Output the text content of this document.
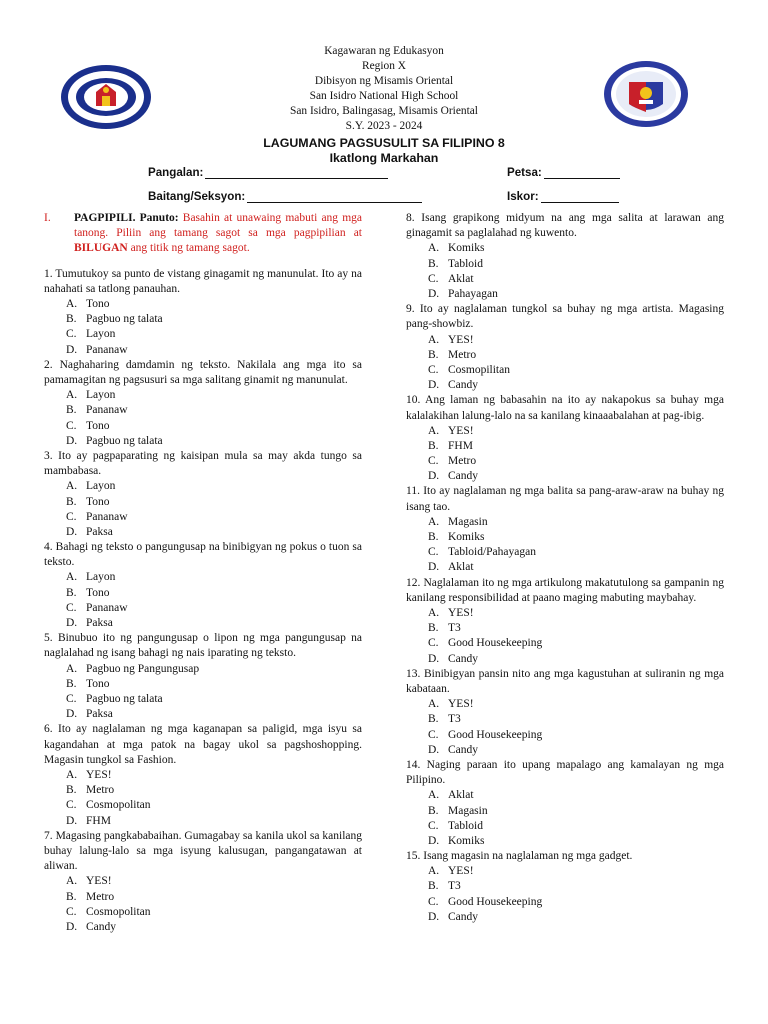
Kagawaran ng Edukasyon
Region X
Dibisyon ng Misamis Oriental
San Isidro National High School
San Isidro, Balingasag, Misamis Oriental
S.Y. 2023 - 2024
LAGUMANG PAGSUSULIT SA FILIPINO 8
Ikatlong Markahan
Pangalan:	Petsa:
Baitang/Seksyon:	Iskor:
I.	PAGPIPILI. Panuto: Basahin at unawaing mabuti ang mga tanong. Piliin ang tamang sagot sa mga pagpipilian at BILUGAN ang titik ng tamang sagot.
1. Tumutukoy sa punto de vistang ginagamit ng manunulat. Ito ay na nahahati sa tatlong panauhan.
A. Tono
B. Pagbuo ng talata
C. Layon
D. Pananaw
2. Naghaharing damdamin ng teksto. Nakilala ang mga ito sa pamamagitan ng pagsusuri sa mga salitang ginamit ng manunulat.
A. Layon
B. Pananaw
C. Tono
D. Pagbuo ng talata
3. Ito ay pagpaparating ng kaisipan mula sa may akda tungo sa mambabasa.
A. Layon
B. Tono
C. Pananaw
D. Paksa
4. Bahagi ng teksto o pangungusap na binibigyan ng pokus o tuon sa teksto.
A. Layon
B. Tono
C. Pananaw
D. Paksa
5. Binubuo ito ng pangungusap o lipon ng mga pangungusap na naglalahad ng isang bahagi ng nais iparating ng teksto.
A. Pagbuo ng Pangungusap
B. Tono
C. Pagbuo ng talata
D. Paksa
6. Ito ay naglalaman ng mga kaganapan sa paligid, mga isyu sa kagandahan at mga patok na bagay ukol sa pagshoshopping. Magasin tungkol sa Fashion.
A. YES!
B. Metro
C. Cosmopolitan
D. FHM
7. Magasing pangkababaihan. Gumagabay sa kanila ukol sa kanilang buhay lalung-lalo sa mga isyung kalusugan, pangangatawan at aliwan.
A. YES!
B. Metro
C. Cosmopolitan
D. Candy
8. Isang grapikong midyum na ang mga salita at larawan ang ginagamit sa paglalahad ng kuwento.
A. Komiks
B. Tabloid
C. Aklat
D. Pahayagan
9. Ito ay naglalaman tungkol sa buhay ng mga artista. Magasing pang-showbiz.
A. YES!
B. Metro
C. Cosmopilitan
D. Candy
10. Ang laman ng babasahin na ito ay nakapokus sa buhay mga kalalakihan lalung-lalo na sa kanilang kinaaabalahan at pag-ibig.
A. YES!
B. FHM
C. Metro
D. Candy
11. Ito ay naglalaman ng mga balita sa pang-araw-araw na buhay ng isang tao.
A. Magasin
B. Komiks
C. Tabloid/Pahayagan
D. Aklat
12. Naglalaman ito ng mga artikulong makatutulong sa gampanin ng kanilang responsibilidad at paano maging mabuting maybahay.
A. YES!
B. T3
C. Good Housekeeping
D. Candy
13. Binibigyan pansin nito ang mga kagustuhan at suliranin ng mga kabataan.
A. YES!
B. T3
C. Good Housekeeping
D. Candy
14. Naging paraan ito upang mapalago ang kamalayan ng mga Pilipino.
A. Aklat
B. Magasin
C. Tabloid
D. Komiks
15. Isang magasin na naglalaman ng mga gadget.
A. YES!
B. T3
C. Good Housekeeping
D. Candy
